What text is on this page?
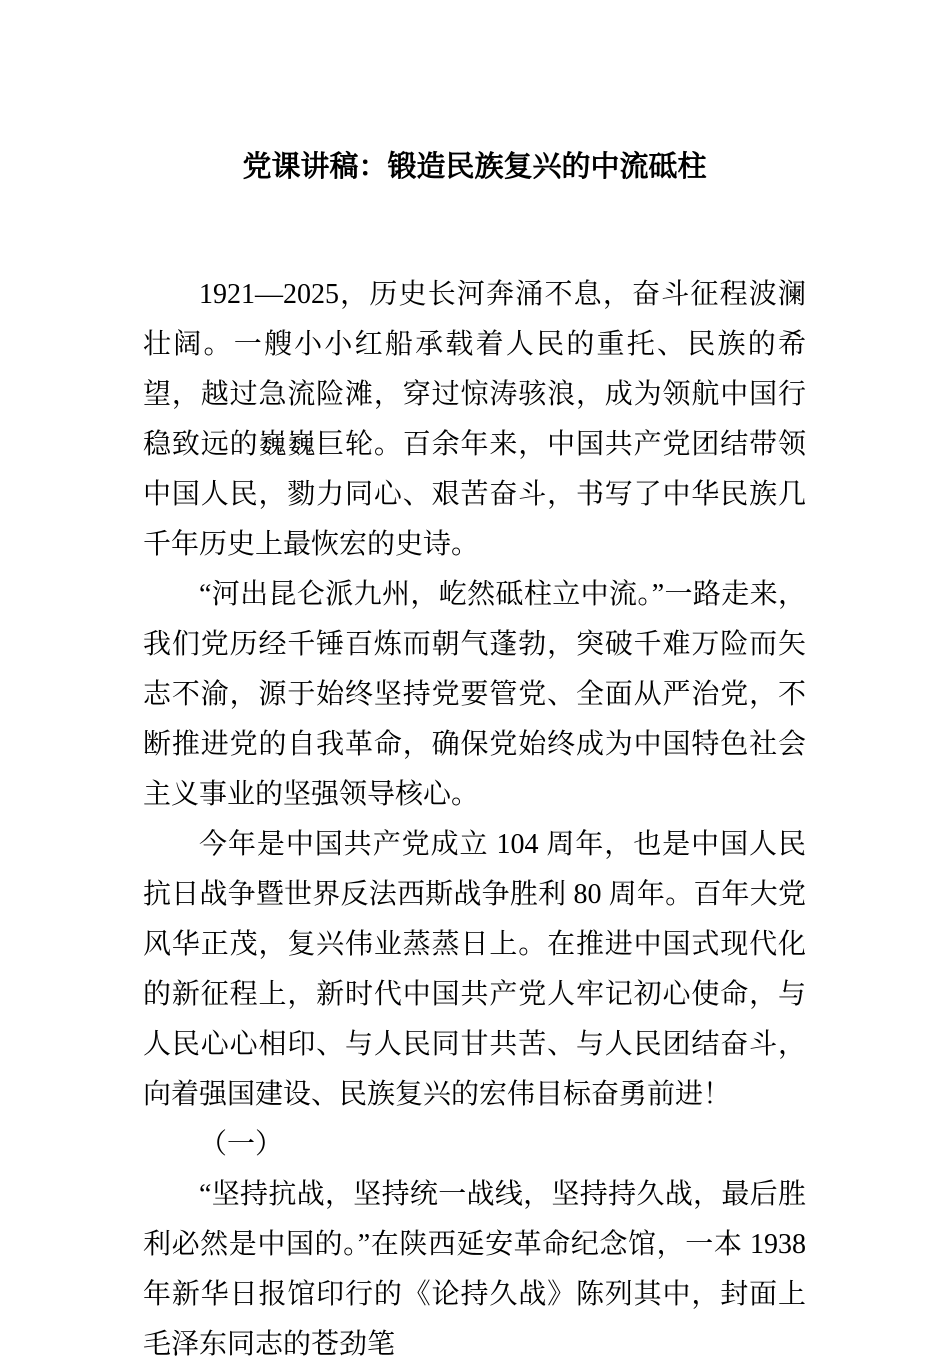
党课讲稿：锻造民族复兴的中流砥柱

1921—2025，历史长河奔涌不息，奋斗征程波澜壮阔。一艘小小红船承载着人民的重托、民族的希望，越过急流险滩，穿过惊涛骇浪，成为领航中国行稳致远的巍巍巨轮。百余年来，中国共产党团结带领中国人民，勠力同心、艰苦奋斗，书写了中华民族几千年历史上最恢宏的史诗。

“河出昆仑派九州，屹然砥柱立中流。”一路走来，我们党历经千锤百炼而朝气蓬勃，突破千难万险而矢志不渝，源于始终坚持党要管党、全面从严治党，不断推进党的自我革命，确保党始终成为中国特色社会主义事业的坚强领导核心。

今年是中国共产党成立 104 周年，也是中国人民抗日战争暨世界反法西斯战争胜利 80 周年。百年大党风华正茂，复兴伟业蒸蒸日上。在推进中国式现代化的新征程上，新时代中国共产党人牢记初心使命，与人民心心相印、与人民同甘共苦、与人民团结奋斗，向着强国建设、民族复兴的宏伟目标奋勇前进！

（一）

“坚持抗战，坚持统一战线，坚持持久战，最后胜利必然是中国的。”在陕西延安革命纪念馆，一本 1938 年新华日报馆印行的《论持久战》陈列其中，封面上毛泽东同志的苍劲笔
